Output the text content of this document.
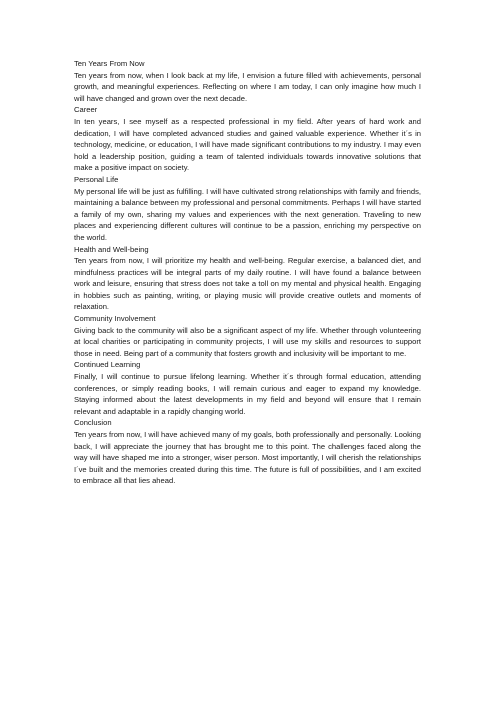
Ten Years From Now

Ten years from now, when I look back at my life, I envision a future filled with achievements, personal growth, and meaningful experiences. Reflecting on where I am today, I can only imagine how much I will have changed and grown over the next decade.

Career

In ten years, I see myself as a respected professional in my field. After years of hard work and dedication, I will have completed advanced studies and gained valuable experience. Whether it´s in technology, medicine, or education, I will have made significant contributions to my industry. I may even hold a leadership position, guiding a team of talented individuals towards innovative solutions that make a positive impact on society.

Personal Life

My personal life will be just as fulfilling. I will have cultivated strong relationships with family and friends, maintaining a balance between my professional and personal commitments. Perhaps I will have started a family of my own, sharing my values and experiences with the next generation. Traveling to new places and experiencing different cultures will continue to be a passion, enriching my perspective on the world.

Health and Well-being

Ten years from now, I will prioritize my health and well-being. Regular exercise, a balanced diet, and mindfulness practices will be integral parts of my daily routine. I will have found a balance between work and leisure, ensuring that stress does not take a toll on my mental and physical health. Engaging in hobbies such as painting, writing, or playing music will provide creative outlets and moments of relaxation.

Community Involvement

Giving back to the community will also be a significant aspect of my life. Whether through volunteering at local charities or participating in community projects, I will use my skills and resources to support those in need. Being part of a community that fosters growth and inclusivity will be important to me.

Continued Learning

Finally, I will continue to pursue lifelong learning. Whether it´s through formal education, attending conferences, or simply reading books, I will remain curious and eager to expand my knowledge. Staying informed about the latest developments in my field and beyond will ensure that I remain relevant and adaptable in a rapidly changing world.

Conclusion

Ten years from now, I will have achieved many of my goals, both professionally and personally. Looking back, I will appreciate the journey that has brought me to this point. The challenges faced along the way will have shaped me into a stronger, wiser person. Most importantly, I will cherish the relationships I´ve built and the memories created during this time. The future is full of possibilities, and I am excited to embrace all that lies ahead.
